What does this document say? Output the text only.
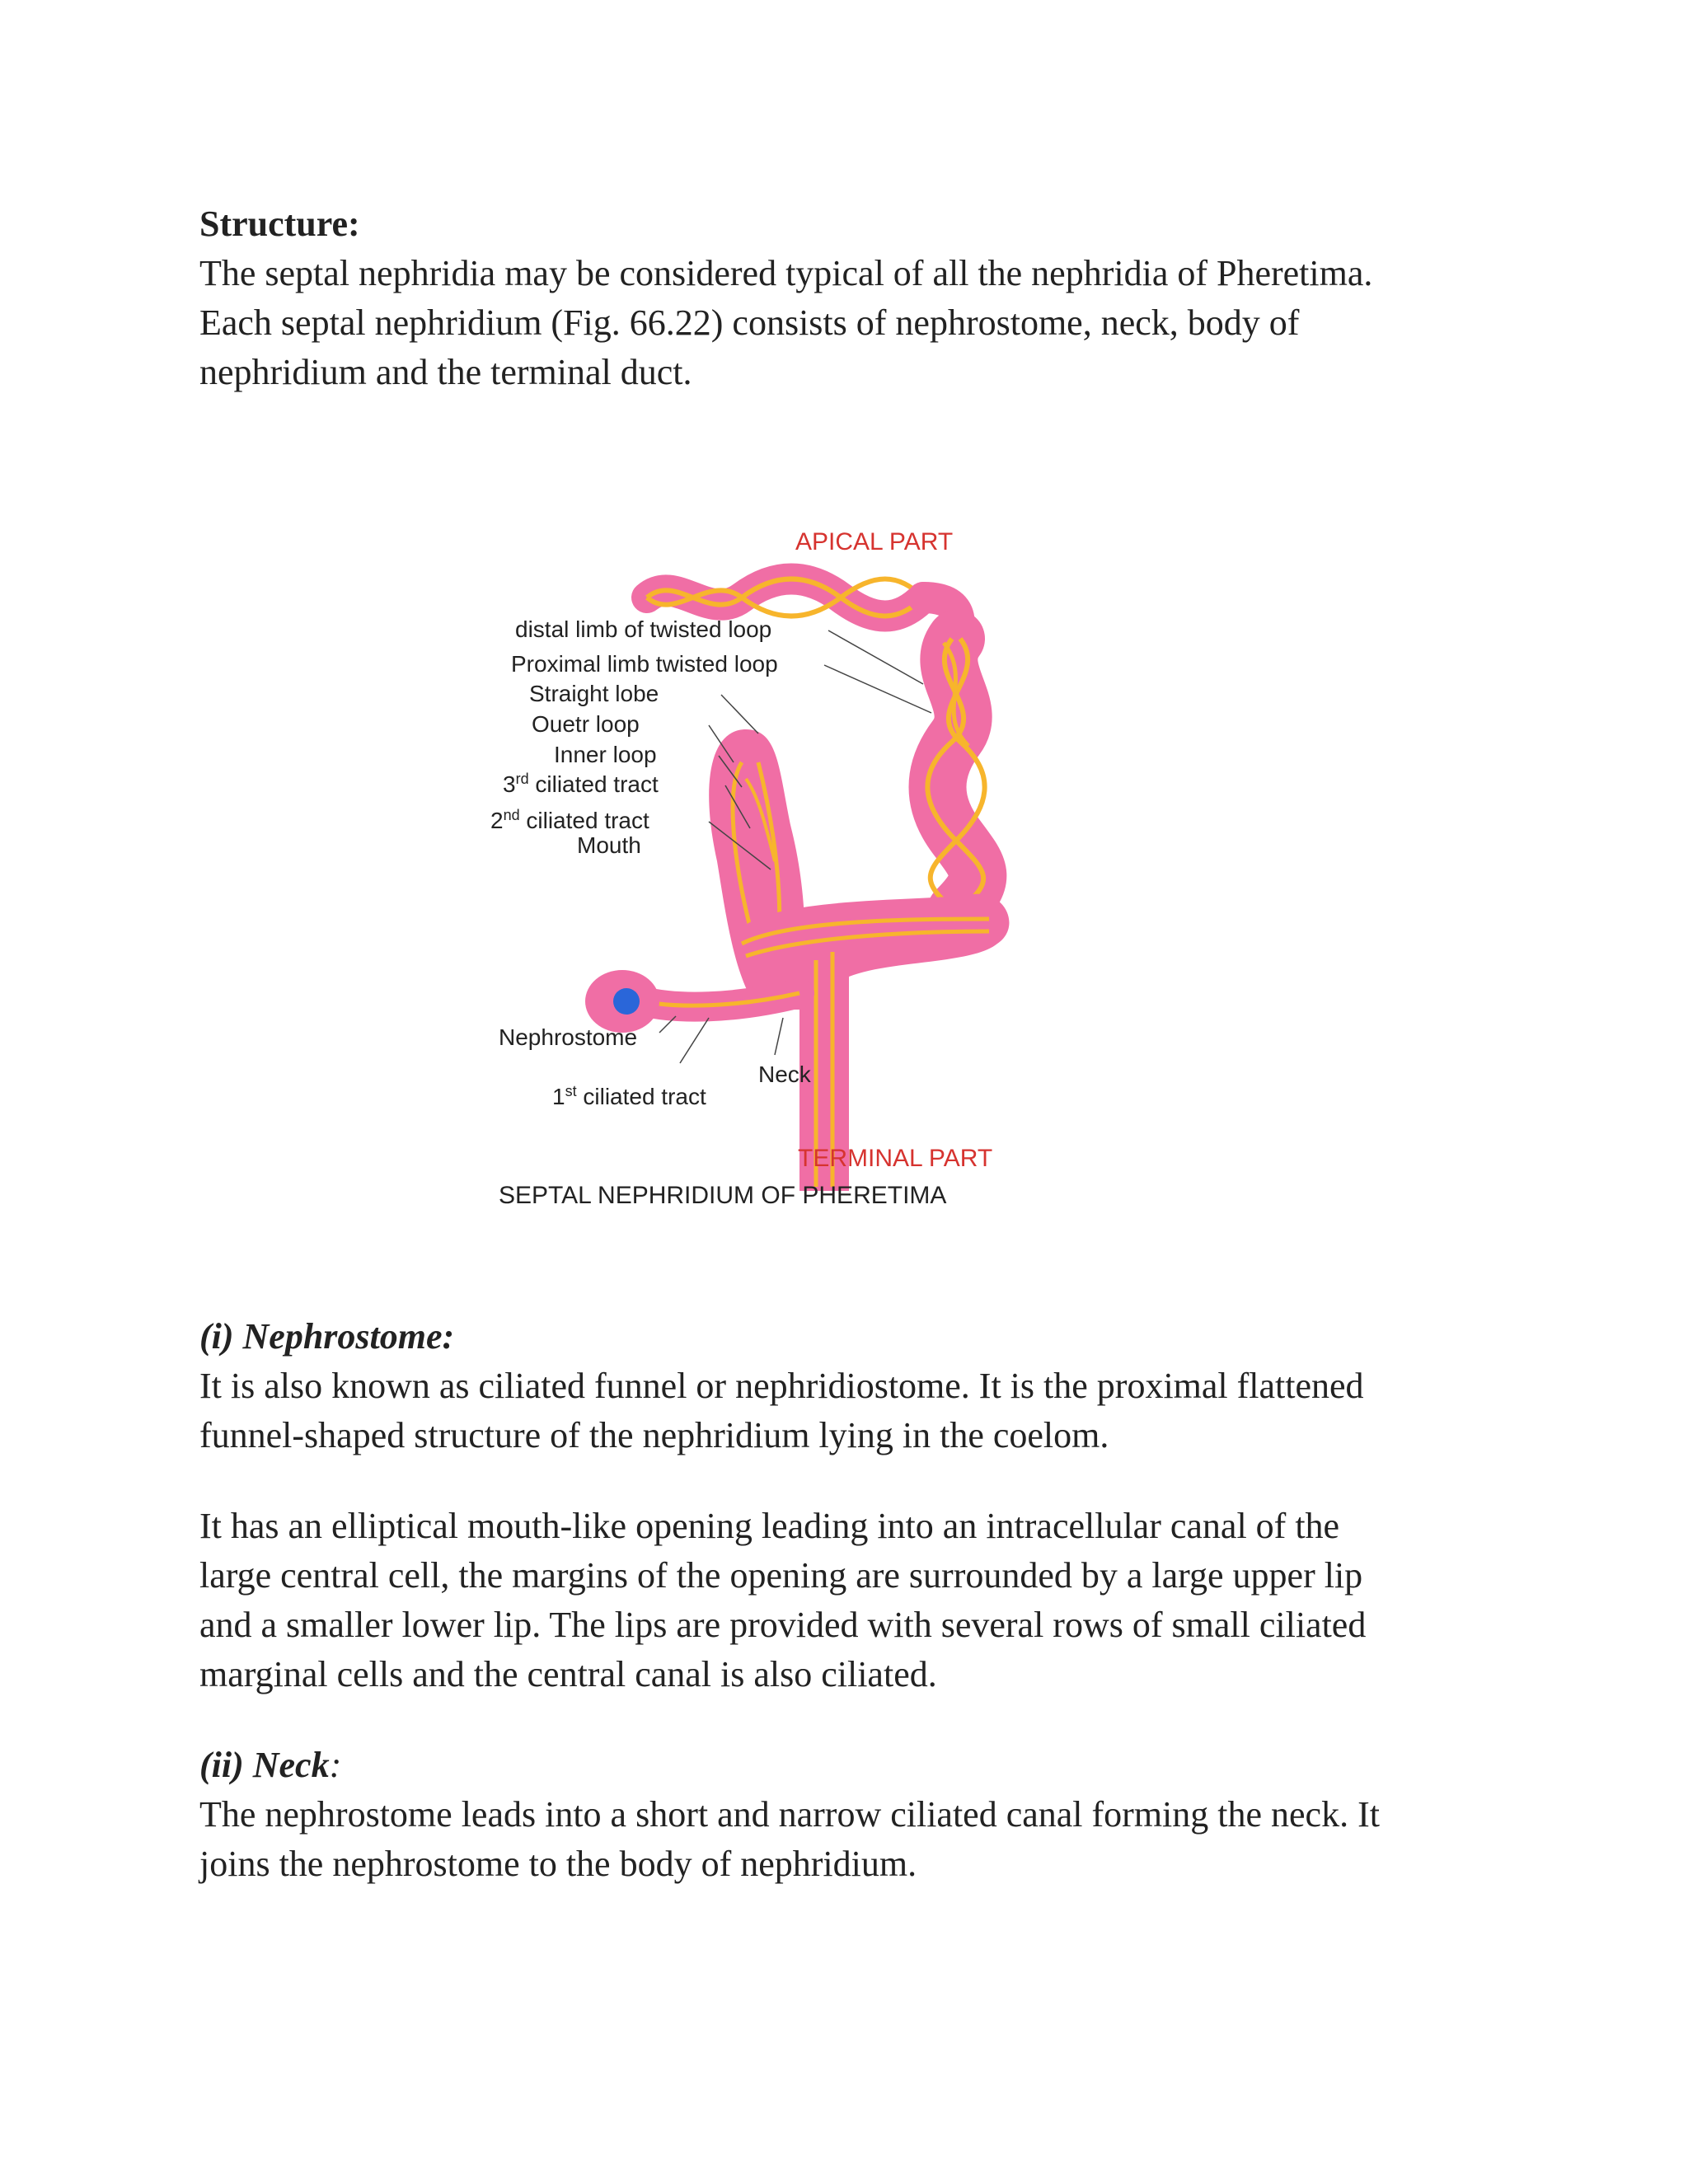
Structure:
The septal nephridia may be considered typical of all the nephridia of Pheretima.
Each septal nephridium (Fig. 66.22) consists of nephrostome, neck, body of
nephridium and the terminal duct.
APICAL PART
distal limb of twisted loop
Proximal limb twisted loop
Straight lobe
Ouetr loop
Inner loop
3rd ciliated tract
2nd ciliated tract
Mouth
Nephrostome
Neck
1st ciliated tract
TERMINAL PART
SEPTAL NEPHRIDIUM OF PHERETIMA
(i) Nephrostome:
It is also known as ciliated funnel or nephridiostome. It is the proximal flattened
funnel-shaped structure of the nephridium lying in the coelom.
It has an elliptical mouth-like opening leading into an intracellular canal of the
large central cell, the margins of the opening are surrounded by a large upper lip
and a smaller lower lip. The lips are provided with several rows of small ciliated
marginal cells and the central canal is also ciliated.
(ii) Neck:
The nephrostome leads into a short and narrow ciliated canal forming the neck. It
joins the nephrostome to the body of nephridium.
